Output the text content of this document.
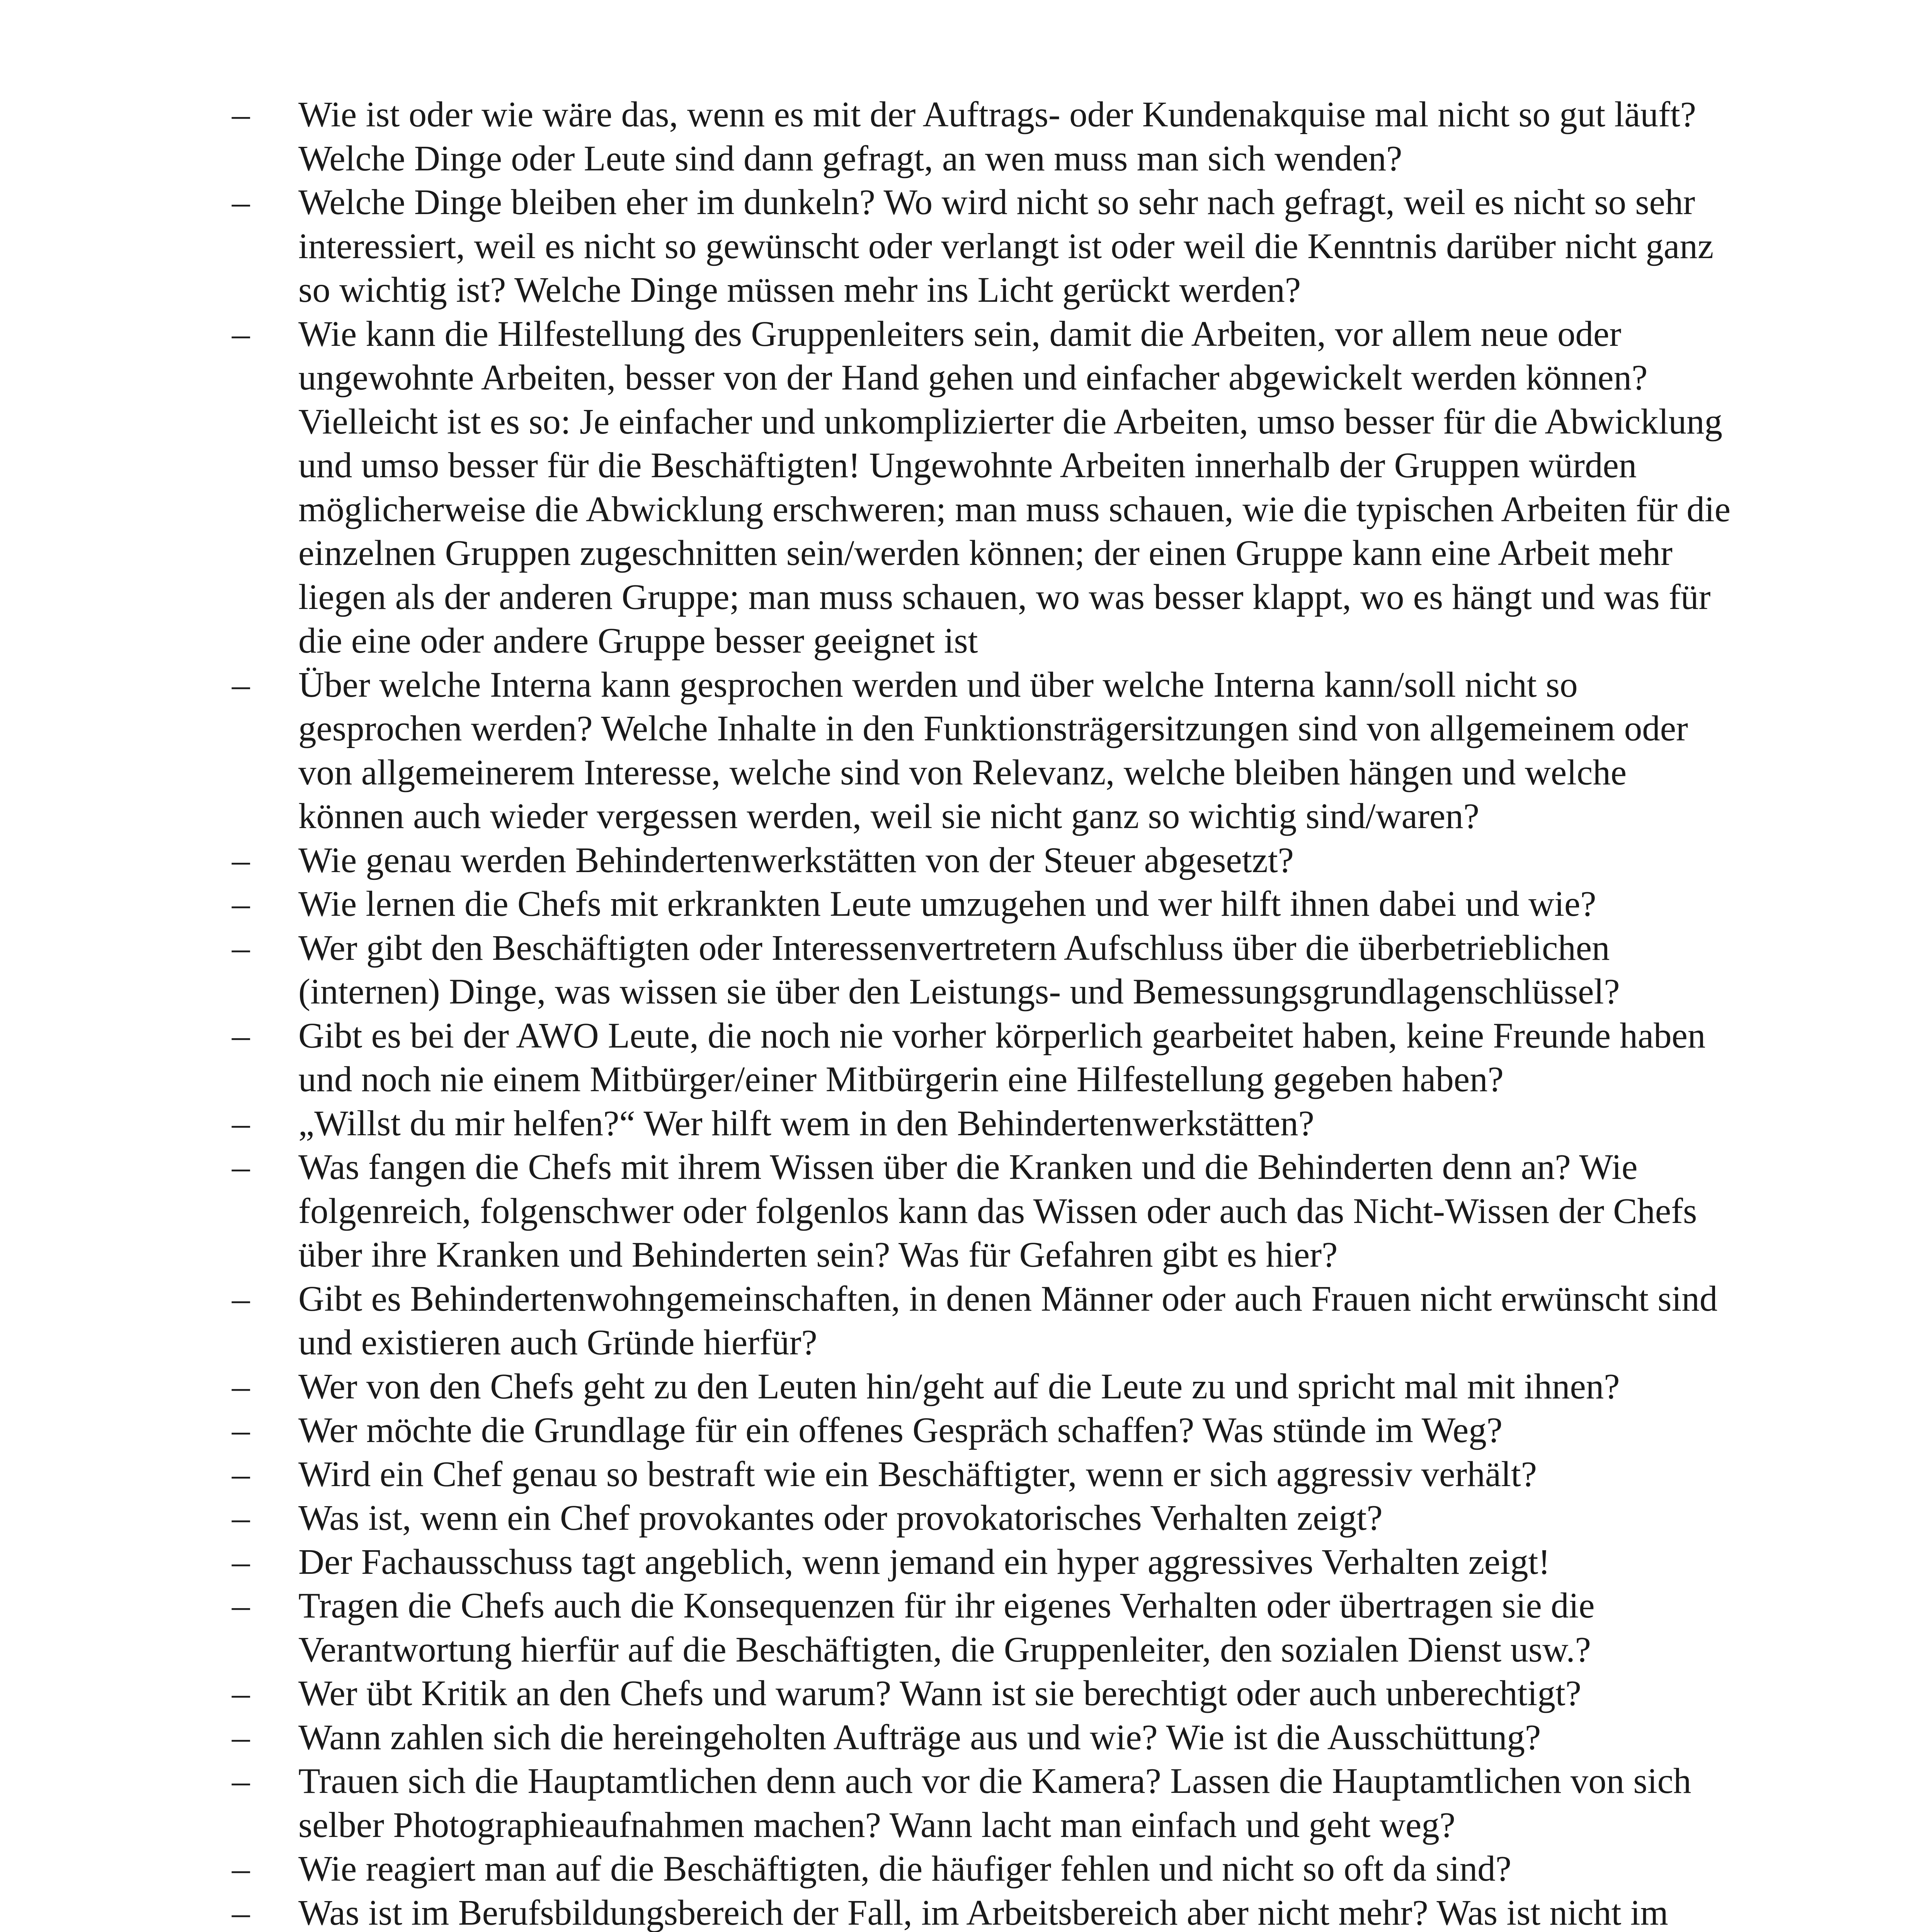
–	Wie ist oder wie wäre das, wenn es mit der Auftrags- oder Kundenakquise mal nicht so gut läuft? Welche Dinge oder Leute sind dann gefragt, an wen muss man sich wenden?
–	Welche Dinge bleiben eher im dunkeln? Wo wird nicht so sehr nach gefragt, weil es nicht so sehr interessiert, weil es nicht so gewünscht oder verlangt ist oder weil die Kenntnis darüber nicht ganz so wichtig ist? Welche Dinge müssen mehr ins Licht gerückt werden?
–	Wie kann die Hilfestellung des Gruppenleiters sein, damit die Arbeiten, vor allem neue oder ungewohnte Arbeiten, besser von der Hand gehen und einfacher abgewickelt werden können? Vielleicht ist es so: Je einfacher und unkomplizierter die Arbeiten, umso besser für die Abwicklung und umso besser für die Beschäftigten! Ungewohnte Arbeiten innerhalb der Gruppen würden möglicherweise die Abwicklung erschweren; man muss schauen, wie die typischen Arbeiten für die einzelnen Gruppen zugeschnitten sein/werden können; der einen Gruppe kann eine Arbeit mehr liegen als der anderen Gruppe; man muss schauen, wo was besser klappt, wo es hängt und was für die eine oder andere Gruppe besser geeignet ist
–	Über welche Interna kann gesprochen werden und über welche Interna kann/soll nicht so gesprochen werden? Welche Inhalte in den Funktionsträgersitzungen sind von allgemeinem oder von allgemeinerem Interesse, welche sind von Relevanz, welche bleiben hängen und welche können auch wieder vergessen werden, weil sie nicht ganz so wichtig sind/waren?
–	Wie genau werden Behindertenwerkstätten von der Steuer abgesetzt?
–	Wie lernen die Chefs mit erkrankten Leute umzugehen und wer hilft ihnen dabei und wie?
–	Wer gibt den Beschäftigten oder Interessenvertretern Aufschluss über die überbetrieblichen (internen) Dinge, was wissen sie über den Leistungs- und Bemessungsgrundlagenschlüssel?
–	Gibt es bei der AWO Leute, die noch nie vorher körperlich gearbeitet haben, keine Freunde haben und noch nie einem Mitbürger/einer Mitbürgerin eine Hilfestellung gegeben haben?
–	„Willst du mir helfen?“ Wer hilft wem in den Behindertenwerkstätten?
–	Was fangen die Chefs mit ihrem Wissen über die Kranken und die Behinderten denn an? Wie folgenreich, folgenschwer oder folgenlos kann das Wissen oder auch das Nicht-Wissen der Chefs über ihre Kranken und Behinderten sein? Was für Gefahren gibt es hier?
–	Gibt es Behindertenwohngemeinschaften, in denen Männer oder auch Frauen nicht erwünscht sind und existieren auch Gründe hierfür?
–	Wer von den Chefs geht zu den Leuten hin/geht auf die Leute zu und spricht mal mit ihnen?
–	Wer möchte die Grundlage für ein offenes Gespräch schaffen? Was stünde im Weg?
–	Wird ein Chef genau so bestraft wie ein Beschäftigter, wenn er sich aggressiv verhält?
–	Was ist, wenn ein Chef provokantes oder provokatorisches Verhalten zeigt?
–	Der Fachausschuss tagt angeblich, wenn jemand ein hyper aggressives Verhalten zeigt!
–	Tragen die Chefs auch die Konsequenzen für ihr eigenes Verhalten oder übertragen sie die Verantwortung hierfür auf die Beschäftigten, die Gruppenleiter, den sozialen Dienst usw.?
–	Wer übt Kritik an den Chefs und warum? Wann ist sie berechtigt oder auch unberechtigt?
–	Wann zahlen sich die hereingeholten Aufträge aus und wie? Wie ist die Ausschüttung?
–	Trauen sich die Hauptamtlichen denn auch vor die Kamera? Lassen die Hauptamtlichen von sich selber Photographieaufnahmen machen? Wann lacht man einfach und geht weg?
–	Wie reagiert man auf die Beschäftigten, die häufiger fehlen und nicht so oft da sind?
–	Was ist im Berufsbildungsbereich der Fall, im Arbeitsbereich aber nicht mehr? Was ist nicht im
